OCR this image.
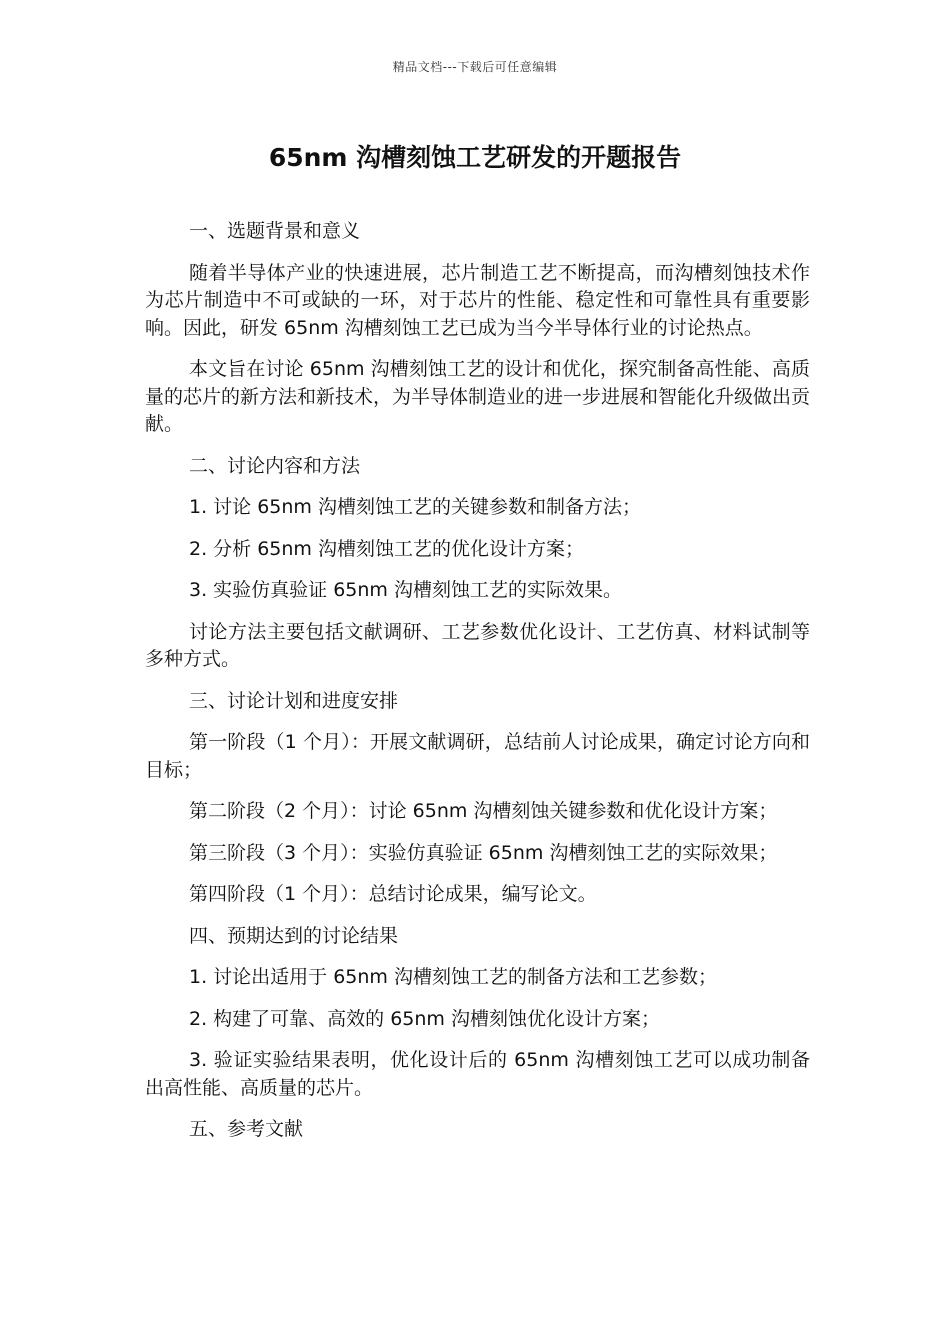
精品文档---下载后可任意编辑
65nm 沟槽刻蚀工艺研发的开题报告

一、选题背景和意义

随着半导体产业的快速进展，芯片制造工艺不断提高，而沟槽刻蚀技术作为芯片制造中不可或缺的一环，对于芯片的性能、稳定性和可靠性具有重要影响。因此，研发 65nm 沟槽刻蚀工艺已成为当今半导体行业的讨论热点。

本文旨在讨论 65nm 沟槽刻蚀工艺的设计和优化，探究制备高性能、高质量的芯片的新方法和新技术，为半导体制造业的进一步进展和智能化升级做出贡献。

二、讨论内容和方法

1. 讨论 65nm 沟槽刻蚀工艺的关键参数和制备方法；

2. 分析 65nm 沟槽刻蚀工艺的优化设计方案；

3. 实验仿真验证 65nm 沟槽刻蚀工艺的实际效果。

讨论方法主要包括文献调研、工艺参数优化设计、工艺仿真、材料试制等多种方式。

三、讨论计划和进度安排

第一阶段（1 个月）：开展文献调研，总结前人讨论成果，确定讨论方向和目标；

第二阶段（2 个月）：讨论 65nm 沟槽刻蚀关键参数和优化设计方案；

第三阶段（3 个月）：实验仿真验证 65nm 沟槽刻蚀工艺的实际效果；

第四阶段（1 个月）：总结讨论成果，编写论文。

四、预期达到的讨论结果

1. 讨论出适用于 65nm 沟槽刻蚀工艺的制备方法和工艺参数；

2. 构建了可靠、高效的 65nm 沟槽刻蚀优化设计方案；

3. 验证实验结果表明，优化设计后的 65nm 沟槽刻蚀工艺可以成功制备出高性能、高质量的芯片。

五、参考文献
